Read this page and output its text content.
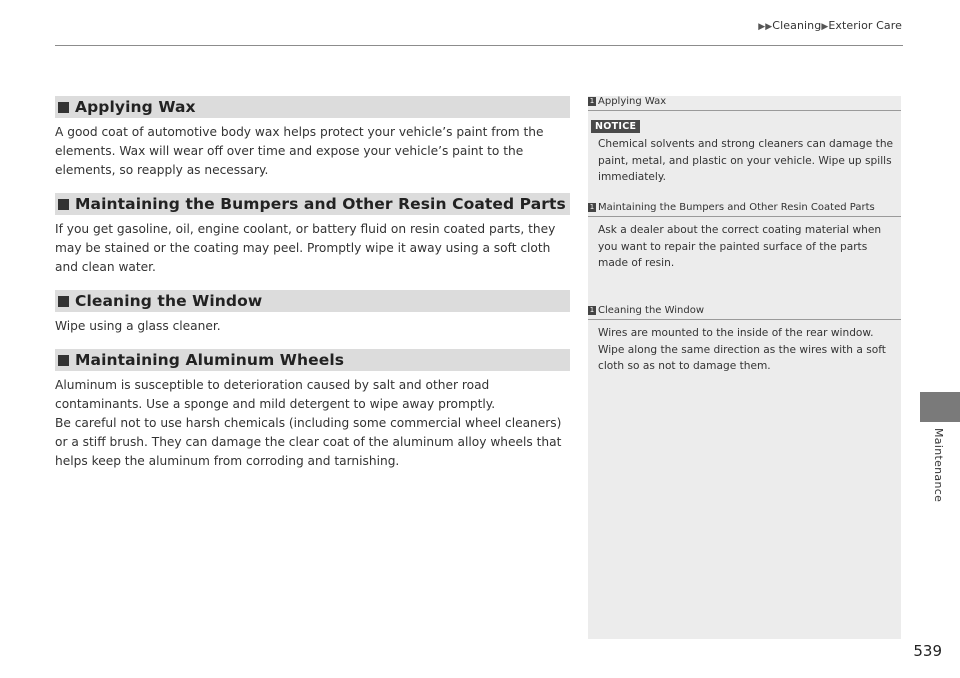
▶▶Cleaning▶Exterior Care
Maintenance
Applying Wax

A good coat of automotive body wax helps protect your vehicle’s paint from the elements. Wax will wear off over time and expose your vehicle’s paint to the elements, so reapply as necessary.

Maintaining the Bumpers and Other Resin Coated Parts

If you get gasoline, oil, engine coolant, or battery fluid on resin coated parts, they may be stained or the coating may peel. Promptly wipe it away using a soft cloth and clean water.

Cleaning the Window

Wipe using a glass cleaner.

Maintaining Aluminum Wheels

Aluminum is susceptible to deterioration caused by salt and other road contaminants. Use a sponge and mild detergent to wipe away promptly.

Be careful not to use harsh chemicals (including some commercial wheel cleaners) or a stiff brush. They can damage the clear coat of the aluminum alloy wheels that helps keep the aluminum from corroding and tarnishing.

1 Applying Wax
NOTICE

Chemical solvents and strong cleaners can damage the paint, metal, and plastic on your vehicle. Wipe up spills immediately.

1 Maintaining the Bumpers and Other Resin Coated Parts

Ask a dealer about the correct coating material when you want to repair the painted surface of the parts made of resin.

1 Cleaning the Window

Wires are mounted to the inside of the rear window. Wipe along the same direction as the wires with a soft cloth so as not to damage them.

539
